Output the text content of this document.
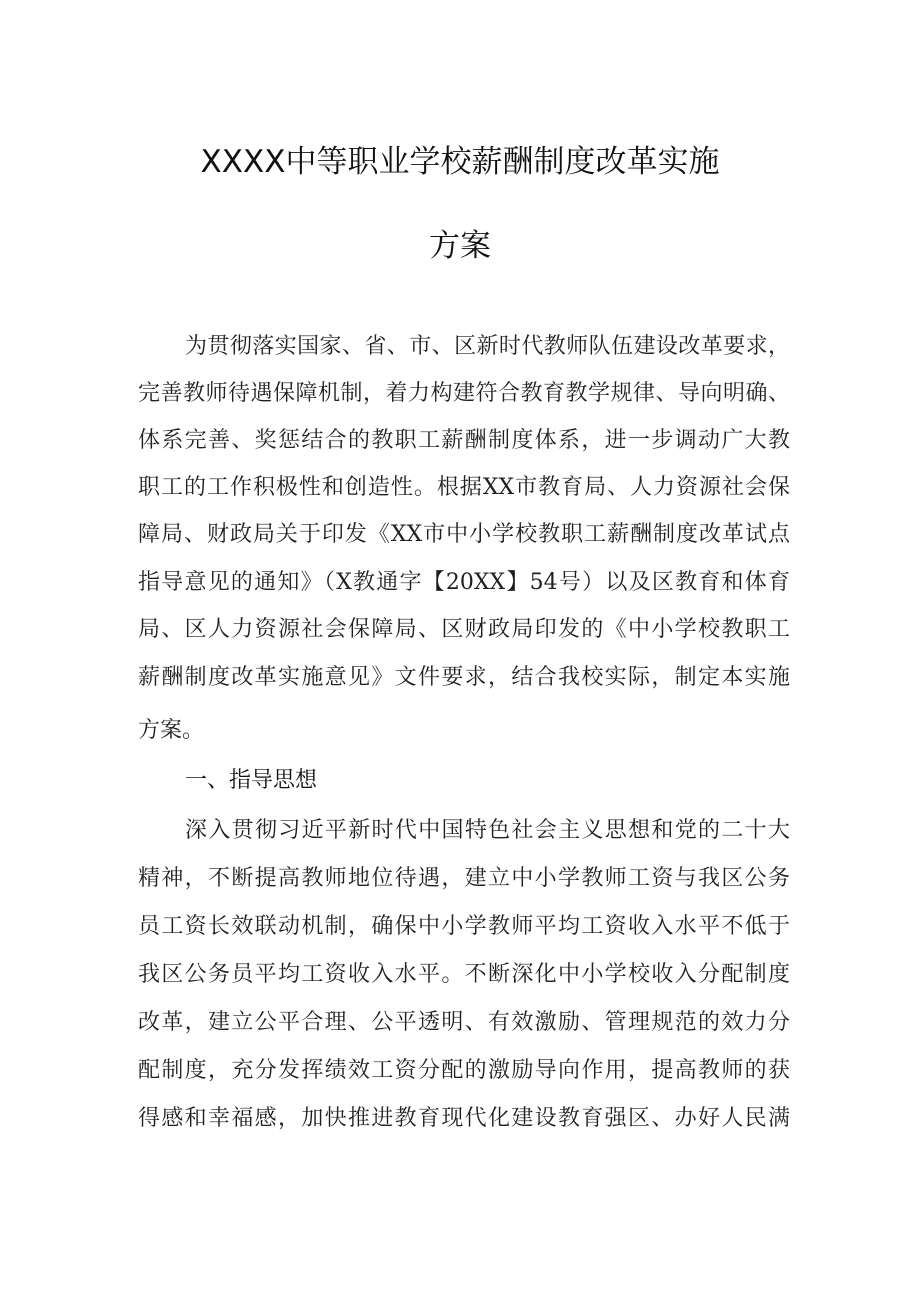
XXXX中等职业学校薪酬制度改革实施
方案
为贯彻落实国家、省、市、区新时代教师队伍建设改革要求，
完善教师待遇保障机制，着力构建符合教育教学规律、导向明确、
体系完善、奖惩结合的教职工薪酬制度体系，进一步调动广大教
职工的工作积极性和创造性。根据XX市教育局、人力资源社会保
障局、财政局关于印发《XX市中小学校教职工薪酬制度改革试点
指导意见的通知》（X教通字【20XX】54号）以及区教育和体育
局、区人力资源社会保障局、区财政局印发的《中小学校教职工
薪酬制度改革实施意见》文件要求，结合我校实际，制定本实施
方案。
一、指导思想
深入贯彻习近平新时代中国特色社会主义思想和党的二十大
精神，不断提高教师地位待遇，建立中小学教师工资与我区公务
员工资长效联动机制，确保中小学教师平均工资收入水平不低于
我区公务员平均工资收入水平。不断深化中小学校收入分配制度
改革，建立公平合理、公平透明、有效激励、管理规范的效力分
配制度，充分发挥绩效工资分配的激励导向作用，提高教师的获
得感和幸福感，加快推进教育现代化建设教育强区、办好人民满
